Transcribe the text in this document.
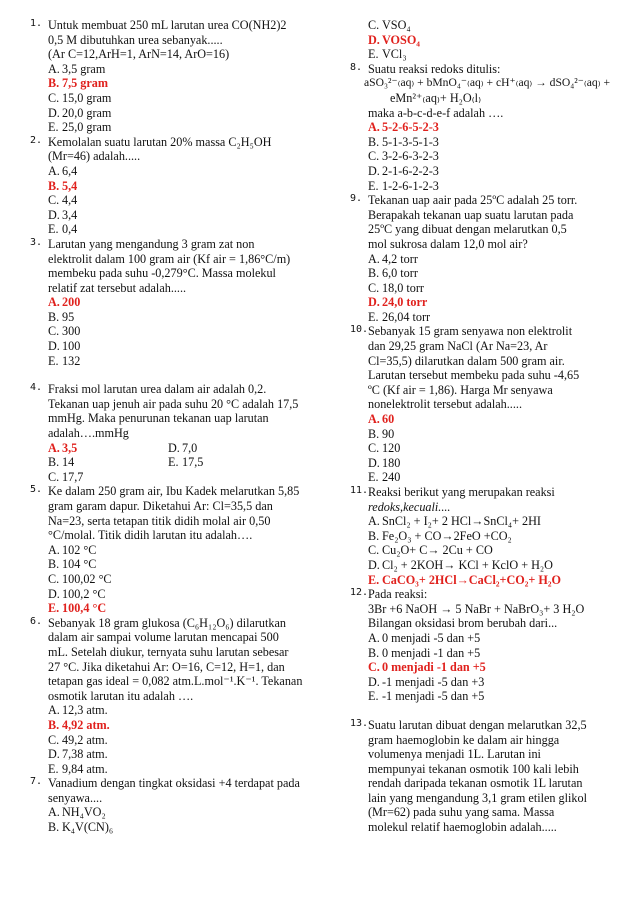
1. Untuk membuat 250 mL larutan urea CO(NH2)2
0,5 M dibutuhkan urea sebanyak.....
(Ar C=12,ArH=1, ArN=14, ArO=16)
A. 3,5 gram
B. 7,5 gram
C. 15,0 gram
D. 20,0 gram
E. 25,0 gram
2. Kemolalan suatu larutan 20% massa C₂H₅OH
(Mr=46) adalah.....
A. 6,4
B. 5,4
C. 4,4
D. 3,4
E. 0,4
3. Larutan yang mengandung 3 gram zat non
elektrolit dalam 100 gram air (Kf air = 1,86°C/m)
membeku pada suhu -0,279°C. Massa molekul
relatif zat tersebut adalah.....
A. 200
B. 95
C. 300
D. 100
E. 132
4. Fraksi mol larutan urea dalam air adalah 0,2.
Tekanan uap jenuh air pada suhu 20 °C adalah 17,5
mmHg. Maka penurunan tekanan uap larutan
adalah….mmHg
A. 3,5	D. 7,0
B. 14	E. 17,5
C. 17,7
5. Ke dalam 250 gram air, Ibu Kadek melarutkan 5,85
gram garam dapur. Diketahui Ar: Cl=35,5 dan
Na=23, serta tetapan titik didih molal air 0,50
°C/molal. Titik didih larutan itu adalah….
A. 102 °C
B. 104 °C
C. 100,02 °C
D. 100,2 °C
E. 100,4 °C
6. Sebanyak 18 gram glukosa (C₆H₁₂O₆) dilarutkan
dalam air sampai volume larutan mencapai 500
mL. Setelah diukur, ternyata suhu larutan sebesar
27 °C. Jika diketahui Ar: O=16, C=12, H=1, dan
tetapan gas ideal = 0,082 atm.L.mol⁻¹.K⁻¹. Tekanan
osmotik larutan itu adalah ….
A. 12,3 atm.
B. 4,92 atm.
C. 49,2 atm.
D. 7,38 atm.
E. 9,84 atm.
7. Vanadium dengan tingkat oksidasi +4 terdapat pada
senyawa....
A. NH₄VO₂
B. K₄V(CN)₆
C. VSO₄
D. VOSO₄
E. VCl₃
8. Suatu reaksi redoks ditulis:
aSO₃²⁻₍aq₎ + bMnO₄⁻₍aq₎ + cH⁺₍aq₎ → dSO₄²⁻₍aq₎ +
eMn²⁺₍aq₎+ H₂O₍l₎
maka a-b-c-d-e-f adalah ….
A. 5-2-6-5-2-3
B. 5-1-3-5-1-3
C. 3-2-6-3-2-3
D. 2-1-6-2-2-3
E. 1-2-6-1-2-3
9. Tekanan uap aair pada 25ºC adalah 25 torr.
Berapakah tekanan uap suatu larutan pada
25ºC yang dibuat dengan melarutkan 0,5
mol sukrosa dalam 12,0 mol air?
A. 4,2 torr
B. 6,0 torr
C. 18,0 torr
D. 24,0 torr
E. 26,04 torr
10. Sebanyak 15 gram senyawa non elektrolit
dan 29,25 gram NaCl (Ar Na=23, Ar
Cl=35,5) dilarutkan dalam 500 gram air.
Larutan tersebut membeku pada suhu -4,65
ºC (Kf air = 1,86). Harga Mr senyawa
nonelektrolit tersebut adalah.....
A. 60
B. 90
C. 120
D. 180
E. 240
11. Reaksi berikut yang merupakan reaksi
redoks,kecuali....
A. SnCl₂ + I₂+ 2 HCl→SnCl₄+ 2HI
B. Fe₂O₃ + CO→2FeO +CO₂
C. Cu₂O+ C→ 2Cu + CO
D. Cl₂ + 2KOH→ KCl + KclO + H₂O
E. CaCO₃+ 2HCl→CaCl₂+CO₂+ H₂O
12. Pada reaksi:
3Br +6 NaOH → 5 NaBr + NaBrO₃+ 3 H₂O
Bilangan oksidasi brom berubah dari...
A. 0 menjadi -5 dan +5
B. 0 menjadi -1 dan +5
C. 0 menjadi -1 dan +5
D. -1 menjadi -5 dan +3
E. -1 menjadi -5 dan +5
13. Suatu larutan dibuat dengan melarutkan 32,5
gram haemoglobin ke dalam air hingga
volumenya menjadi 1L. Larutan ini
mempunyai tekanan osmotik 100 kali lebih
rendah daripada tekanan osmotik 1L larutan
lain yang mengandung 3,1 gram etilen glikol
(Mr=62) pada suhu yang sama. Massa
molekul relatif haemoglobin adalah.....
